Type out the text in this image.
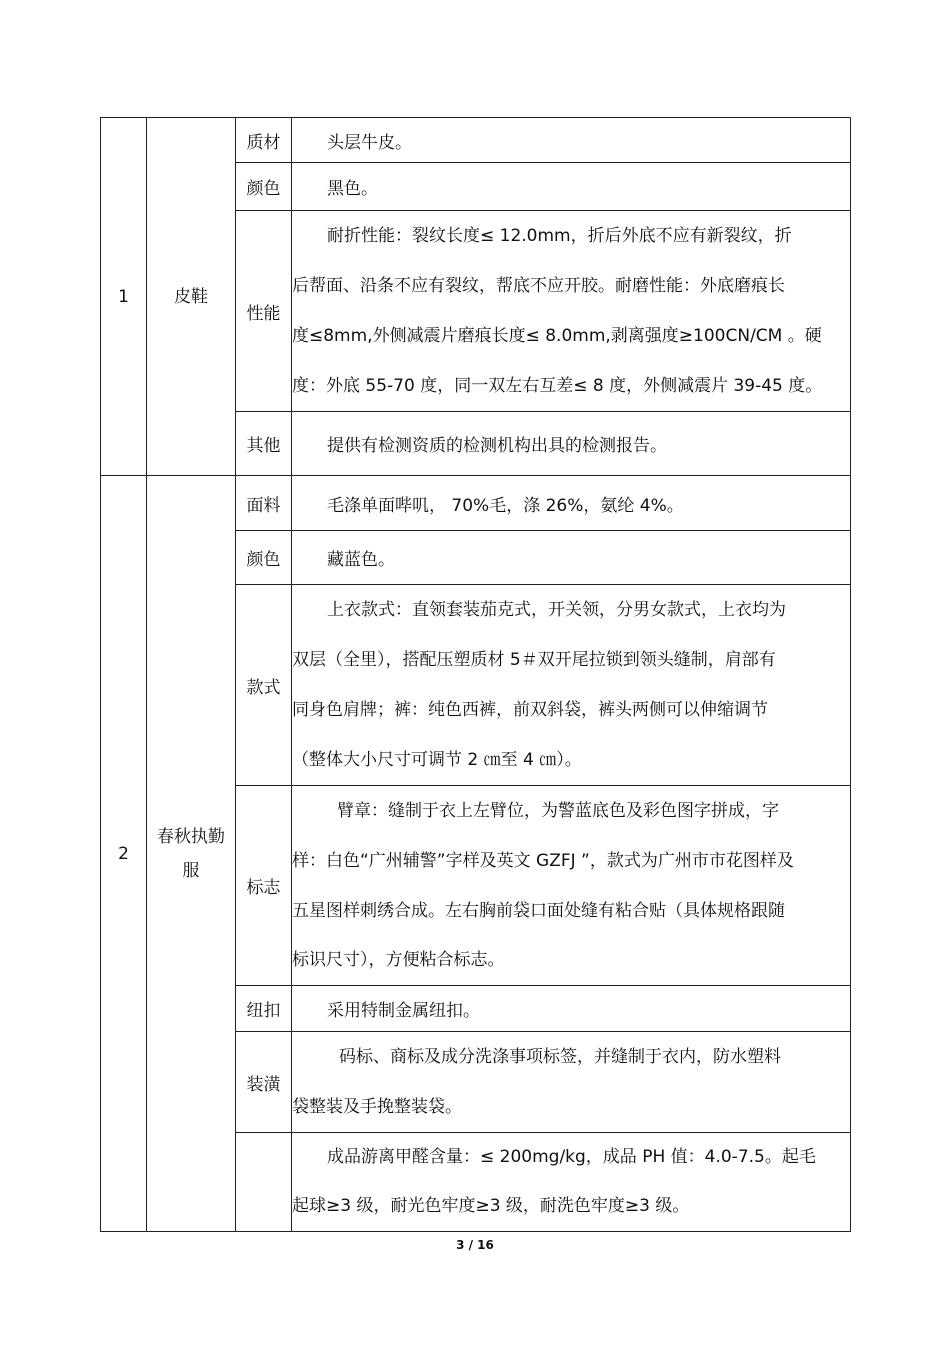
1	皮鞋	质材	头层牛皮。

		颜色	黑色。

		性能	耐折性能：裂纹长度≤ 12.0mm，折后外底不应有新裂纹，折
后帮面、沿条不应有裂纹，帮底不应开胶。耐磨性能：外底磨痕长
度≤8mm,外侧减震片磨痕长度≤ 8.0mm,剥离强度≥100CN/CM 。硬
度：外底 55-70 度，同一双左右互差≤ 8 度，外侧减震片 39-45 度。

		其他	提供有检测资质的检测机构出具的检测报告。

2	春秋执勤
服	面料	毛涤单面哔叽， 70%毛，涤 26%，氨纶 4%。

		颜色	藏蓝色。

		款式	上衣款式：直领套装茄克式，开关领，分男女款式，上衣均为
双层（全里），搭配压塑质材 5＃双开尾拉锁到领头缝制，肩部有
同身色肩牌；裤：纯色西裤，前双斜袋，裤头两侧可以伸缩调节
（整体大小尺寸可调节 2 ㎝至 4 ㎝）。

		标志	臂章：缝制于衣上左臂位，为警蓝底色及彩色图字拼成，字
样：白色“广州辅警”字样及英文 GZFJ ”，款式为广州市市花图样及
五星图样刺绣合成。左右胸前袋口面处缝有粘合贴（具体规格跟随
标识尺寸），方便粘合标志。

		纽扣	采用特制金属纽扣。

		装潢	码标、商标及成分洗涤事项标签，并缝制于衣内，防水塑料
袋整装及手挽整装袋。

			成品游离甲醛含量：≤ 200mg/kg，成品 PH 值：4.0-7.5。起毛
起球≥3 级，耐光色牢度≥3 级，耐洗色牢度≥3 级。
3 / 16
